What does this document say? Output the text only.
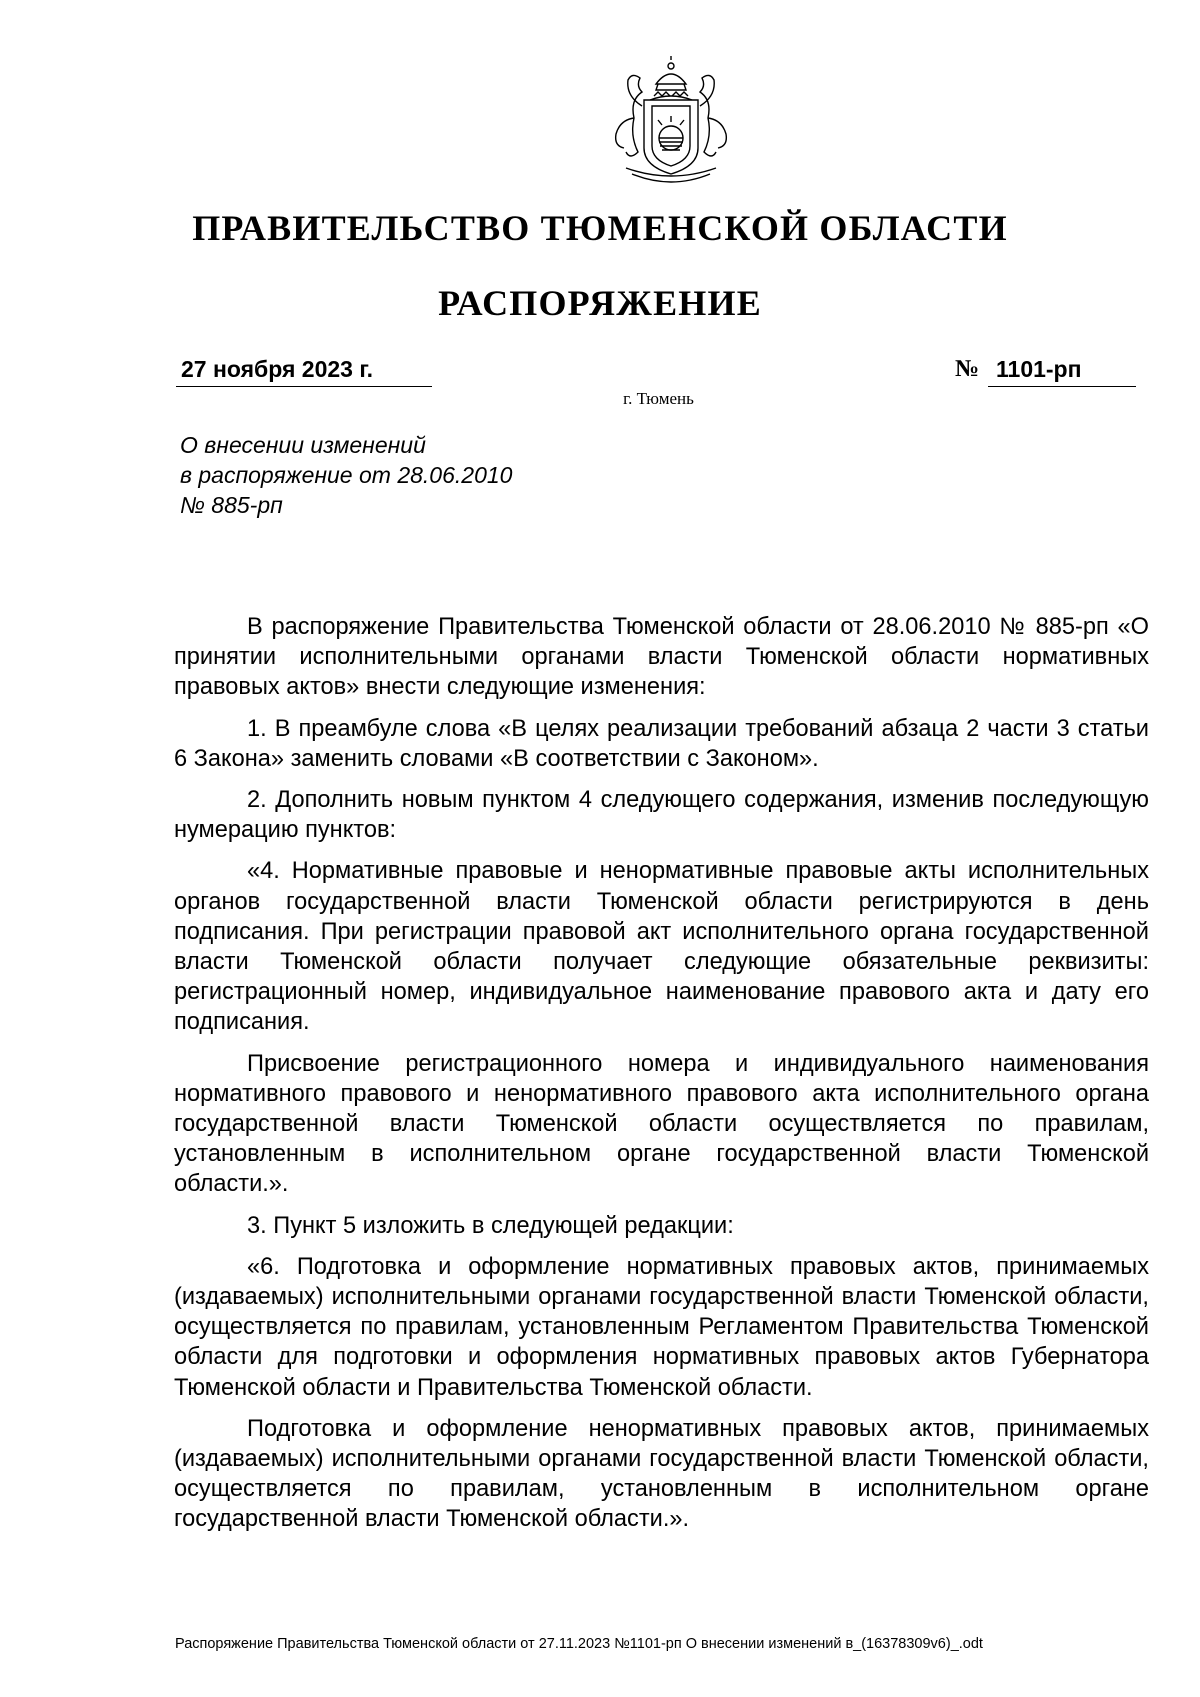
ПРАВИТЕЛЬСТВО ТЮМЕНСКОЙ ОБЛАСТИ
РАСПОРЯЖЕНИЕ
27 ноября 2023 г.	№ 1101-рп
г. Тюмень
О внесении изменений
в распоряжение от 28.06.2010
№ 885-рп

В распоряжение Правительства Тюменской области от 28.06.2010 № 885-рп «О принятии исполнительными органами власти Тюменской области нормативных правовых актов» внести следующие изменения:

1. В преамбуле слова «В целях реализации требований абзаца 2 части 3 статьи 6 Закона» заменить словами «В соответствии с Законом».

2. Дополнить новым пунктом 4 следующего содержания, изменив последующую нумерацию пунктов:

«4. Нормативные правовые и ненормативные правовые акты исполнительных органов государственной власти Тюменской области регистрируются в день подписания. При регистрации правовой акт исполнительного органа государственной власти Тюменской области получает следующие обязательные реквизиты: регистрационный номер, индивидуальное наименование правового акта и дату его подписания.

Присвоение регистрационного номера и индивидуального наименования нормативного правового и ненормативного правового акта исполнительного органа государственной власти Тюменской области осуществляется по правилам, установленным в исполнительном органе государственной власти Тюменской области.».

3. Пункт 5 изложить в следующей редакции:

«6. Подготовка и оформление нормативных правовых актов, принимаемых (издаваемых) исполнительными органами государственной власти Тюменской области, осуществляется по правилам, установленным Регламентом Правительства Тюменской области для подготовки и оформления нормативных правовых актов Губернатора Тюменской области и Правительства Тюменской области.

Подготовка и оформление ненормативных правовых актов, принимаемых (издаваемых) исполнительными органами государственной власти Тюменской области, осуществляется по правилам, установленным в исполнительном органе государственной власти Тюменской области.».

Распоряжение Правительства Тюменской области от 27.11.2023 №1101-рп О внесении изменений в_(16378309v6)_.odt
